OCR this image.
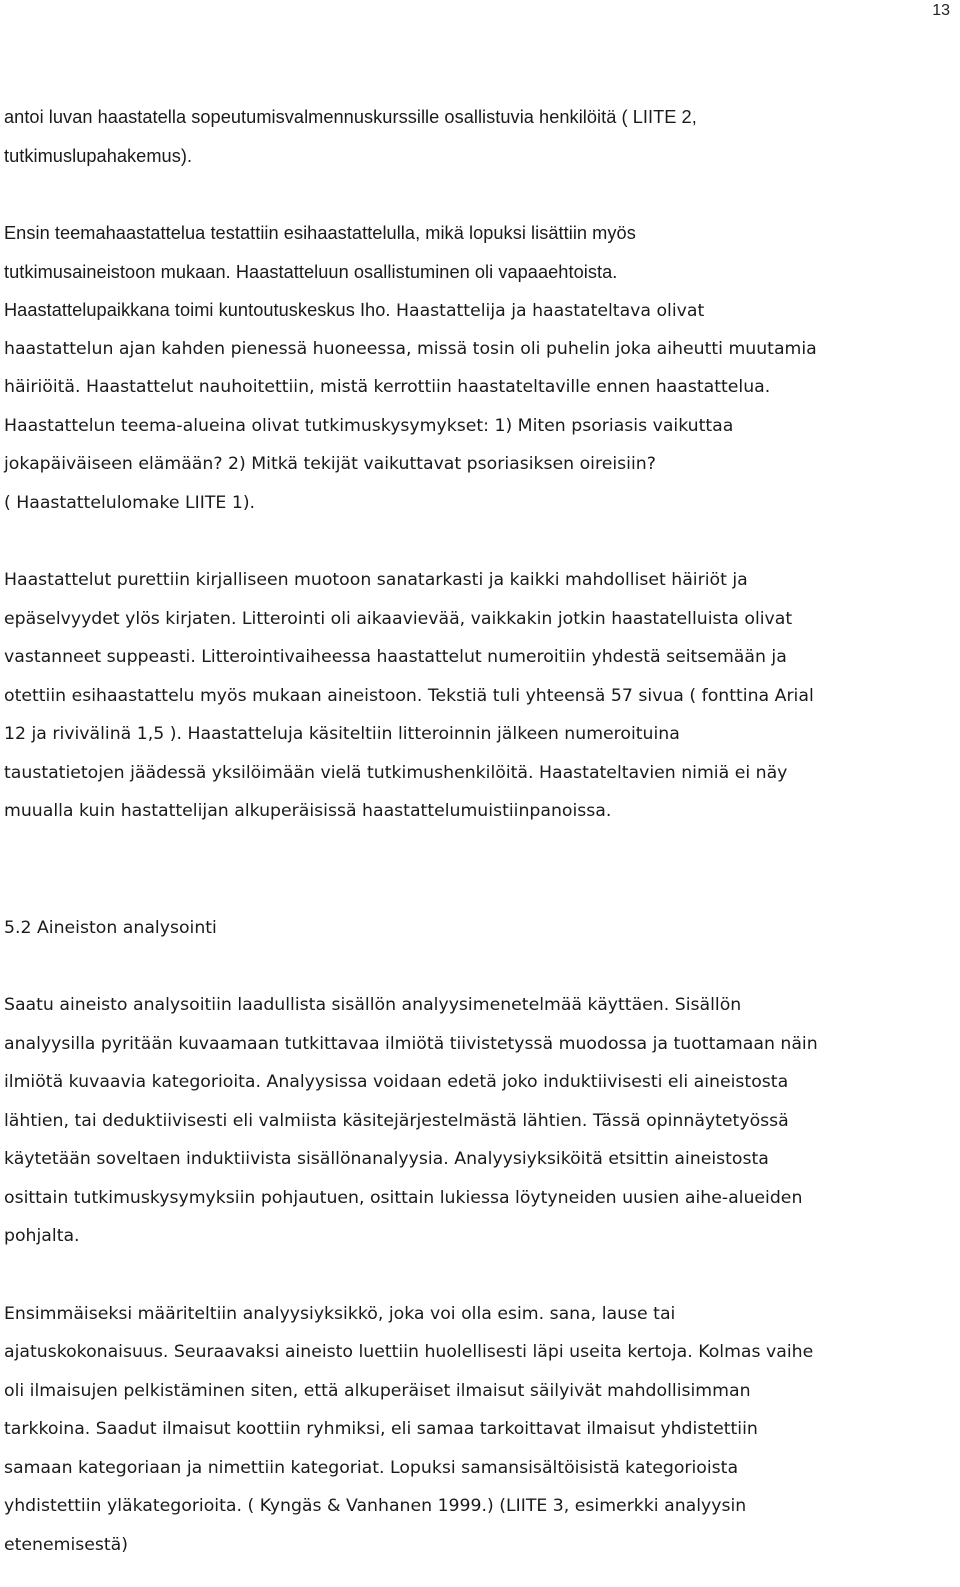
13
antoi luvan haastatella sopeutumisvalmennuskurssille osallistuvia henkilöitä ( LIITE 2,
tutkimuslupahakemus).
Ensin teemahaastattelua testattiin esihaastattelulla, mikä lopuksi lisättiin myös
tutkimusaineistoon mukaan. Haastatteluun osallistuminen oli vapaaehtoista.
Haastattelupaikkana toimi kuntoutuskeskus Iho. Haastattelija ja haastateltava olivat
haastattelun ajan kahden pienessä huoneessa, missä tosin oli puhelin joka aiheutti muutamia
häiriöitä. Haastattelut nauhoitettiin, mistä kerrottiin haastateltaville ennen haastattelua.
Haastattelun teema-alueina olivat tutkimuskysymykset: 1) Miten psoriasis vaikuttaa
jokapäiväiseen elämään? 2) Mitkä tekijät vaikuttavat psoriasiksen oireisiin?
( Haastattelulomake LIITE 1).
Haastattelut purettiin kirjalliseen muotoon sanatarkasti ja kaikki mahdolliset häiriöt ja
epäselvyydet ylös kirjaten. Litterointi oli aikaavievää, vaikkakin jotkin haastatelluista olivat
vastanneet suppeasti. Litterointivaiheessa haastattelut numeroitiin yhdestä seitsemään ja
otettiin esihaastattelu myös mukaan aineistoon. Tekstiä tuli yhteensä 57 sivua ( fonttina Arial
12 ja rivivälinä 1,5 ). Haastatteluja käsiteltiin litteroinnin jälkeen numeroituina
taustatietojen jäädessä yksilöimään vielä tutkimushenkilöitä. Haastateltavien nimiä ei näy
muualla kuin hastattelijan alkuperäisissä haastattelumuistiinpanoissa.
5.2 Aineiston analysointi
Saatu aineisto analysoitiin laadullista sisällön analyysimenetelmää käyttäen. Sisällön
analyysilla pyritään kuvaamaan tutkittavaa ilmiötä tiivistetyssä muodossa ja tuottamaan näin
ilmiötä kuvaavia kategorioita. Analyysissa voidaan edetä joko induktiivisesti eli aineistosta
lähtien, tai deduktiivisesti eli valmiista käsitejärjestelmästä lähtien. Tässä opinnäytetyössä
käytetään soveltaen induktiivista sisällönanalyysia. Analyysiyksiköitä etsittin aineistosta
osittain tutkimuskysymyksiin pohjautuen, osittain lukiessa löytyneiden uusien aihe-alueiden
pohjalta.
Ensimmäiseksi määriteltiin analyysiyksikkö, joka voi olla esim. sana, lause tai
ajatuskokonaisuus. Seuraavaksi aineisto luettiin huolellisesti läpi useita kertoja. Kolmas vaihe
oli ilmaisujen pelkistäminen siten, että alkuperäiset ilmaisut säilyivät mahdollisimman
tarkkoina. Saadut ilmaisut koottiin ryhmiksi, eli samaa tarkoittavat ilmaisut yhdistettiin
samaan kategoriaan ja nimettiin kategoriat. Lopuksi samansisältöisistä kategorioista
yhdistettiin yläkategorioita. ( Kyngäs & Vanhanen 1999.) (LIITE 3, esimerkki analyysin
etenemisestä)
